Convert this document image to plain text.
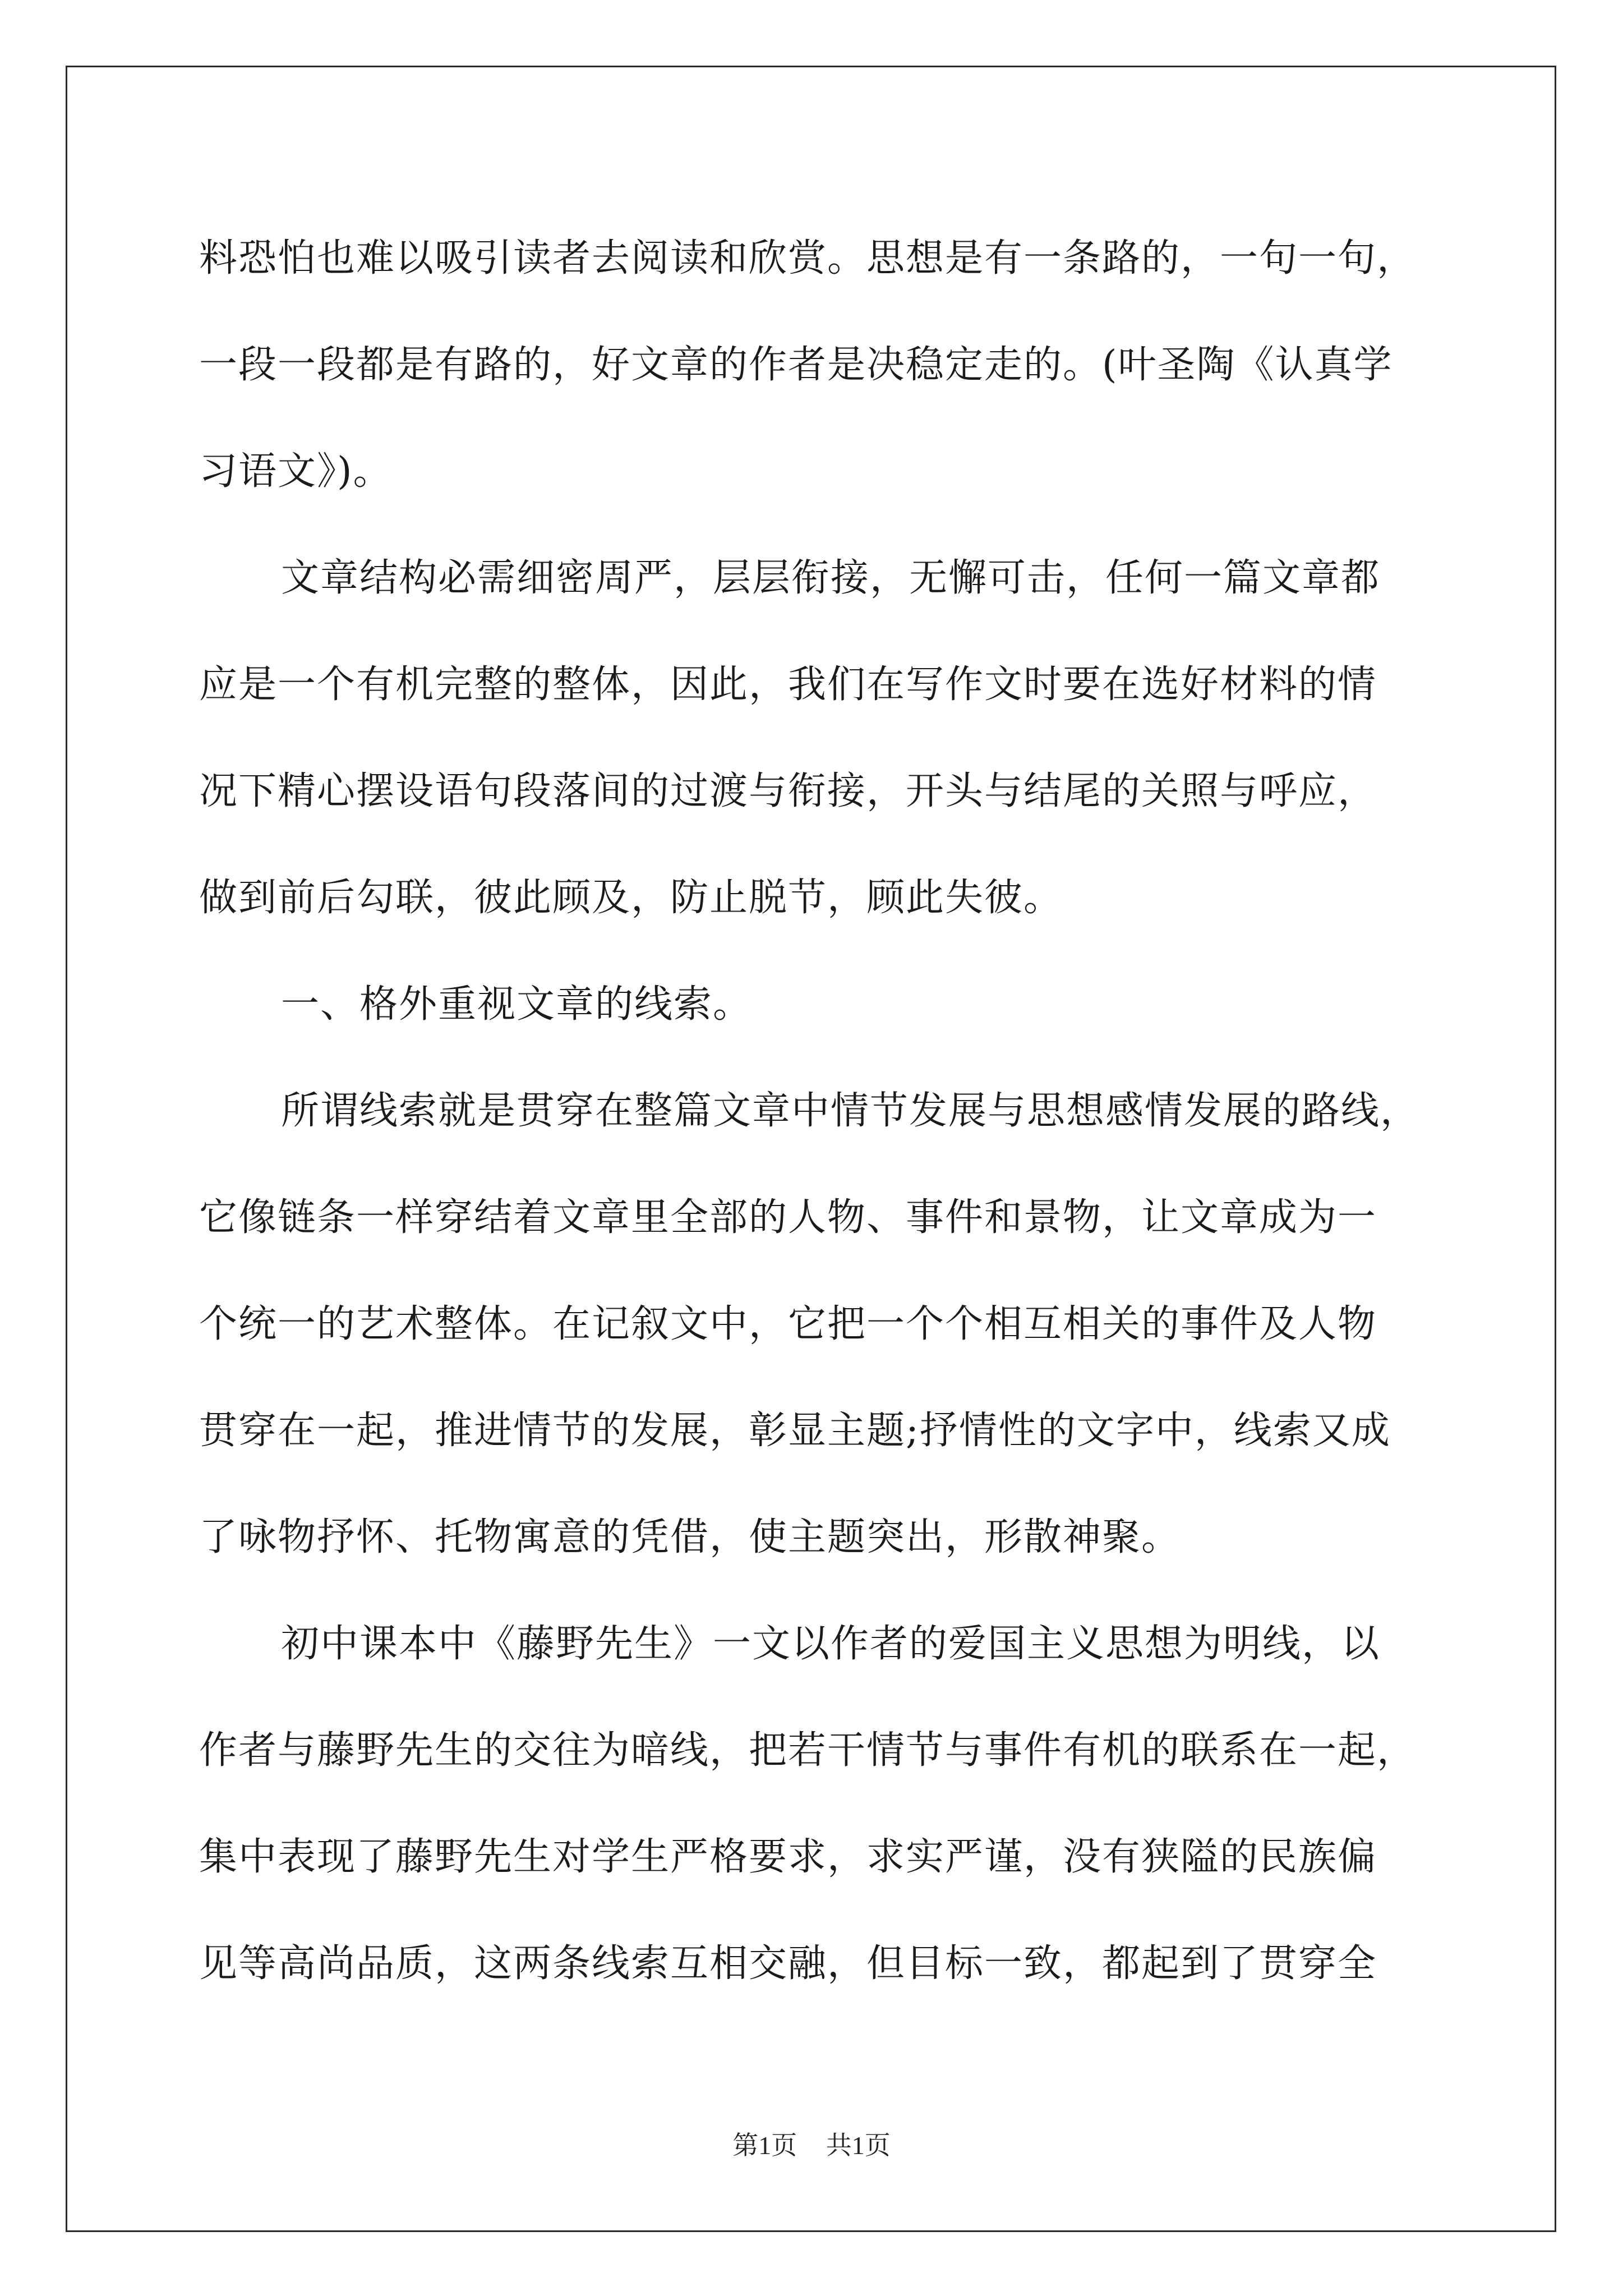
料恐怕也难以吸引读者去阅读和欣赏。思想是有一条路的，一句一句，
一段一段都是有路的，好文章的作者是决稳定走的。(叶圣陶《认真学
习语文》)。
文章结构必需细密周严，层层衔接，无懈可击，任何一篇文章都
应是一个有机完整的整体，因此，我们在写作文时要在选好材料的情
况下精心摆设语句段落间的过渡与衔接，开头与结尾的关照与呼应，
做到前后勾联，彼此顾及，防止脱节，顾此失彼。
一、格外重视文章的线索。
所谓线索就是贯穿在整篇文章中情节发展与思想感情发展的路线，
它像链条一样穿结着文章里全部的人物、事件和景物，让文章成为一
个统一的艺术整体。在记叙文中，它把一个个相互相关的事件及人物
贯穿在一起，推进情节的发展，彰显主题;抒情性的文字中，线索又成
了咏物抒怀、托物寓意的凭借，使主题突出，形散神聚。
初中课本中《藤野先生》一文以作者的爱国主义思想为明线，以
作者与藤野先生的交往为暗线，把若干情节与事件有机的联系在一起，
集中表现了藤野先生对学生严格要求，求实严谨，没有狭隘的民族偏
见等高尚品质，这两条线索互相交融，但目标一致，都起到了贯穿全
第1页 共1页
